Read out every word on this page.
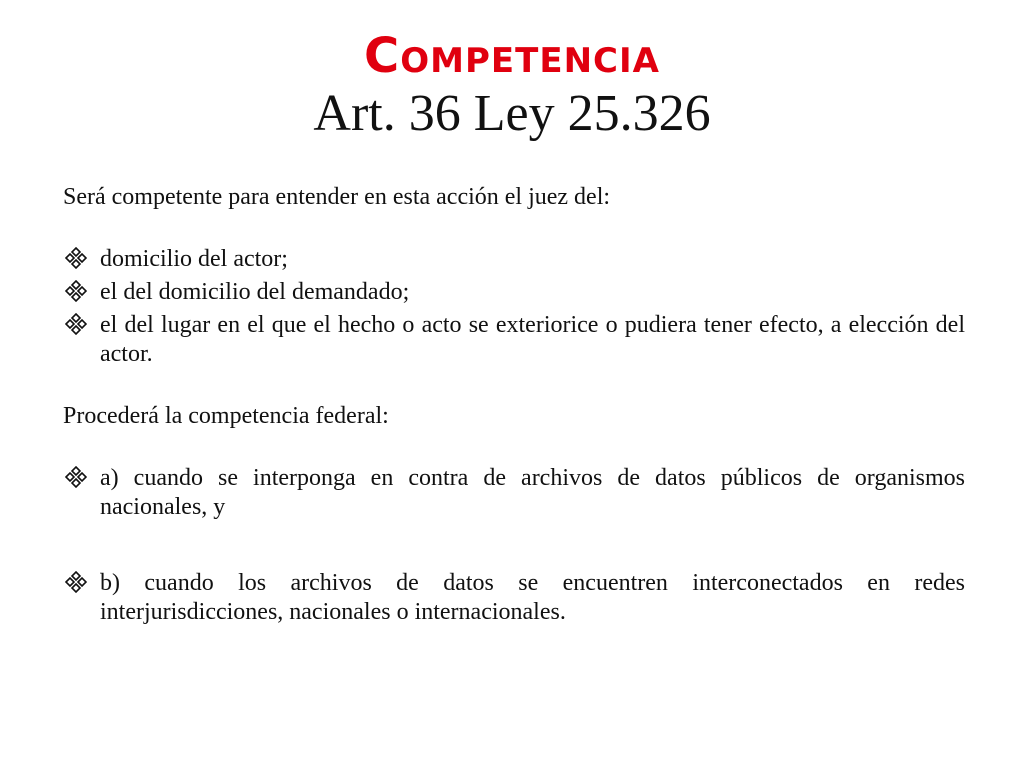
Competencia
Art. 36 Ley 25.326

Será competente para entender en esta acción el juez del:

domicilio del actor;
el del domicilio del demandado;
el del lugar en el que el hecho o acto se exteriorice o pudiera tener efecto, a elección del actor.

Procederá la competencia federal:

a) cuando se interponga en contra de archivos de datos públicos de organismos nacionales, y
b) cuando los archivos de datos se encuentren interconectados en redes interjurisdicciones, nacionales o internacionales.
